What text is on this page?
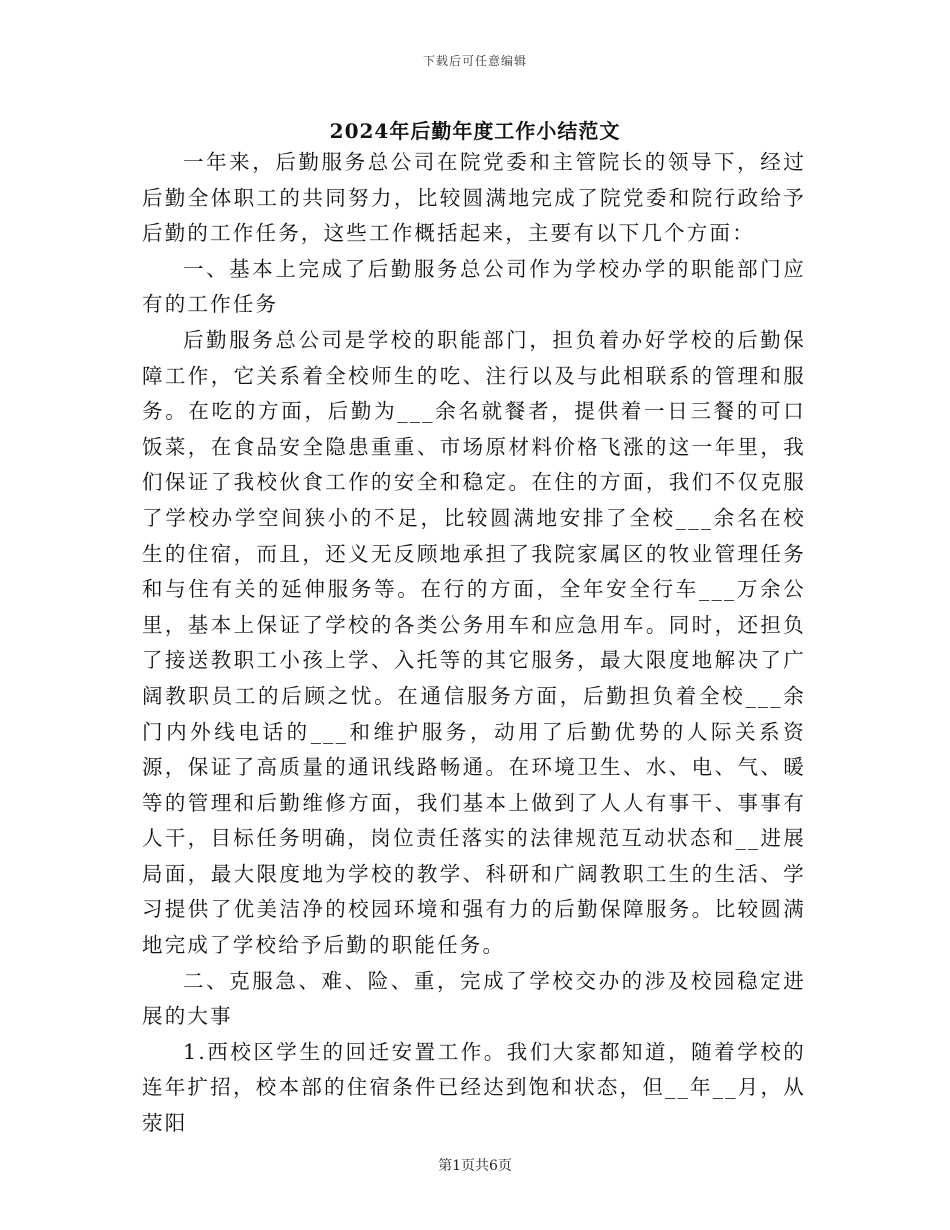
下载后可任意编辑
2024年后勤年度工作小结范文

一年来，后勤服务总公司在院党委和主管院长的领导下，经过后勤全体职工的共同努力，比较圆满地完成了院党委和院行政给予后勤的工作任务，这些工作概括起来，主要有以下几个方面：

一、基本上完成了后勤服务总公司作为学校办学的职能部门应有的工作任务

后勤服务总公司是学校的职能部门，担负着办好学校的后勤保障工作，它关系着全校师生的吃、注行以及与此相联系的管理和服务。在吃的方面，后勤为___余名就餐者，提供着一日三餐的可口饭菜，在食品安全隐患重重、市场原材料价格飞涨的这一年里，我们保证了我校伙食工作的安全和稳定。在住的方面，我们不仅克服了学校办学空间狭小的不足，比较圆满地安排了全校___余名在校生的住宿，而且，还义无反顾地承担了我院家属区的牧业管理任务和与住有关的延伸服务等。在行的方面，全年安全行车___万余公里，基本上保证了学校的各类公务用车和应急用车。同时，还担负了接送教职工小孩上学、入托等的其它服务，最大限度地解决了广阔教职员工的后顾之忧。在通信服务方面，后勤担负着全校___余门内外线电话的___和维护服务，动用了后勤优势的人际关系资源，保证了高质量的通讯线路畅通。在环境卫生、水、电、气、暖等的管理和后勤维修方面，我们基本上做到了人人有事干、事事有人干，目标任务明确，岗位责任落实的法律规范互动状态和__进展局面，最大限度地为学校的教学、科研和广阔教职工生的生活、学习提供了优美洁净的校园环境和强有力的后勤保障服务。比较圆满地完成了学校给予后勤的职能任务。

二、克服急、难、险、重，完成了学校交办的涉及校园稳定进展的大事

1.西校区学生的回迁安置工作。我们大家都知道，随着学校的连年扩招，校本部的住宿条件已经达到饱和状态，但__年__月，从荥阳

第1页共6页
